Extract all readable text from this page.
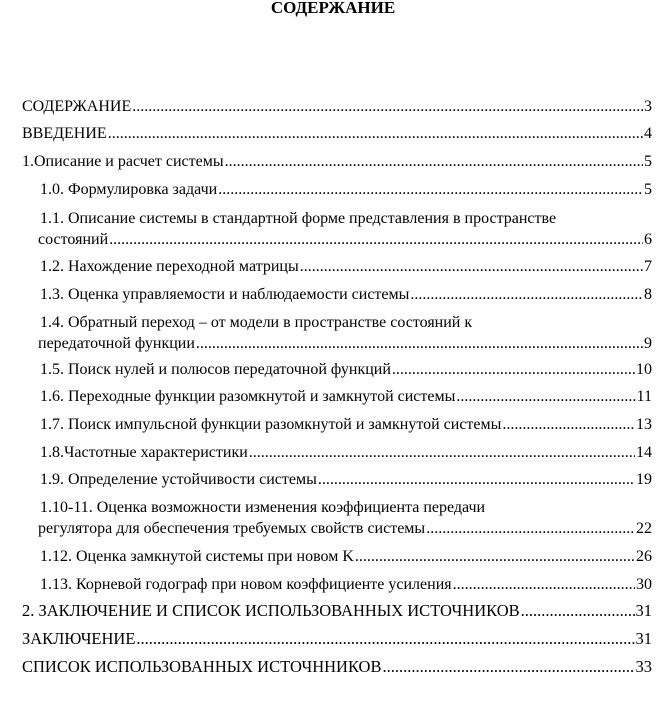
СОДЕРЖАНИЕ
СОДЕРЖАНИЕ .....	3
ВВЕДЕНИЕ .....	4
1.Описание и расчет системы .....	5
1.0. Формулировка задачи .....	5
1.1. Описание системы в стандартной форме представления в пространстве
состояний .....	6
1.2. Нахождение переходной матрицы .....	7
1.3. Оценка управляемости и наблюдаемости системы .....	8
1.4. Обратный переход – от модели в пространстве состояний к
передаточной функции .....	9
1.5. Поиск нулей и полюсов передаточной функций .....	10
1.6. Переходные функции разомкнутой и замкнутой системы .....	11
1.7. Поиск импульсной функции разомкнутой и замкнутой системы .....	13
1.8.Частотные характеристики .....	14
1.9. Определение устойчивости системы .....	19
1.10-11. Оценка возможности изменения коэффициента передачи
регулятора для обеспечения требуемых свойств системы .....	22
1.12. Оценка замкнутой системы при новом K .....	26
1.13. Корневой годограф при новом коэффициенте усиления .....	30
2. ЗАКЛЮЧЕНИЕ И СПИСОК ИСПОЛЬЗОВАННЫХ ИСТОЧНИКОВ .....	31
ЗАКЛЮЧЕНИЕ .....	31
СПИСОК ИСПОЛЬЗОВАННЫХ ИСТОЧННИКОВ .....	33
